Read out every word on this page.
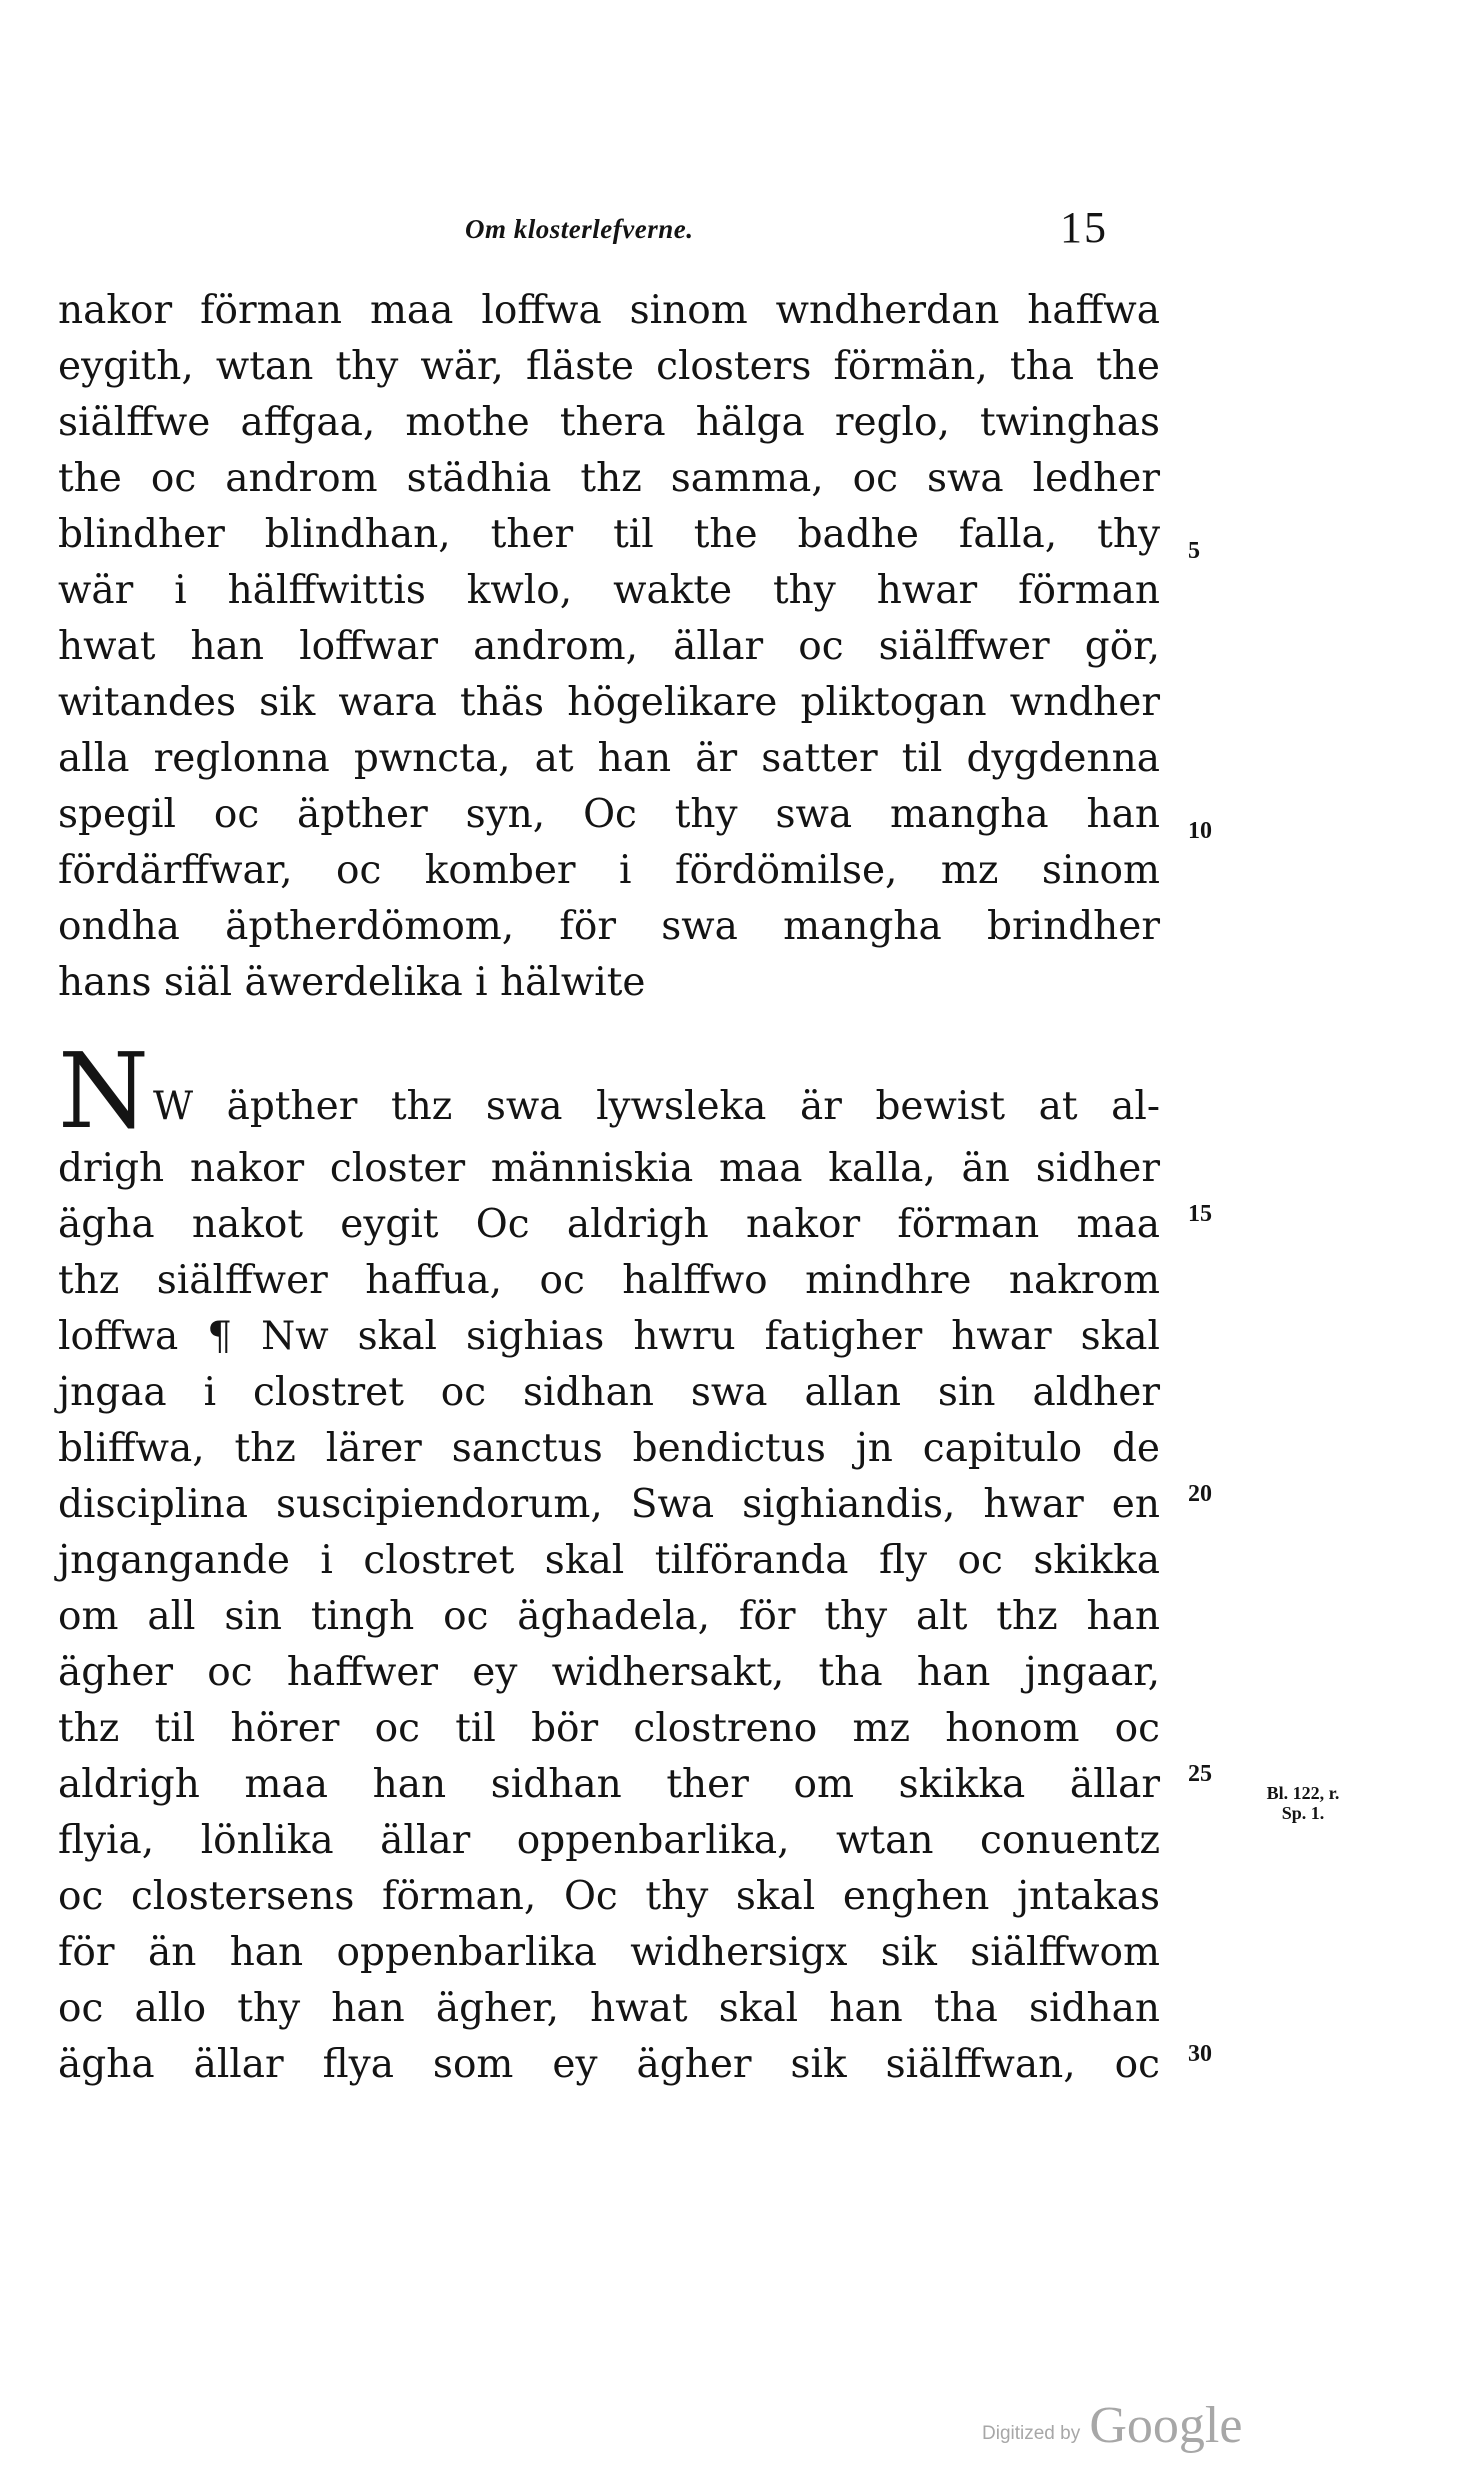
Om klosterlefverne.	15
nakor förman maa loffwa sinom wndherdan haffwa
eygith, wtan thy wär, fläste closters förmän, tha the
siälffwe affgaa, mothe thera hälga reglo, twinghas
the oc androm städhia thz samma, oc swa ledher
blindher blindhan, ther til the badhe falla, thy
wär i hälffwittis kwlo, wakte thy hwar förman
hwat han loffwar androm, ällar oc siälffwer gör,
witandes sik wara thäs högelikare pliktogan wndher
alla reglonna pwncta, at han är satter til dygdenna
spegil oc äpther syn, Oc thy swa mangha han
fördärffwar, oc komber i fördömilse, mz sinom
ondha äptherdömom, för swa mangha brindher
hans siäl äwerdelika i hälwite
N W äpther thz swa lywsleka är bewist at al-
drigh nakor closter människia maa kalla, än sidher
ägha nakot eygit Oc aldrigh nakor förman maa
thz siälffwer haffua, oc halffwo mindhre nakrom
loffwa ¶ Nw skal sighias hwru fatigher hwar skal
jngaa i clostret oc sidhan swa allan sin aldher
bliffwa, thz lärer sanctus bendictus jn capitulo de
disciplina suscipiendorum, Swa sighiandis, hwar en
jngangande i clostret skal tilföranda fly oc skikka
om all sin tingh oc äghadela, för thy alt thz han
ägher oc haffwer ey widhersakt, tha han jngaar,
thz til hörer oc til bör clostreno mz honom oc
aldrigh maa han sidhan ther om skikka ällar
flyia, lönlika ällar oppenbarlika, wtan conuentz
oc clostersens förman, Oc thy skal enghen jntakas
för än han oppenbarlika widhersigx sik siälffwom
oc allo thy han ägher, hwat skal han tha sidhan
ägha ällar flya som ey ägher sik siälffwan, oc
5
10
15
20
25
30
Bl. 122, r.
Sp. 1.
Digitized by Google
